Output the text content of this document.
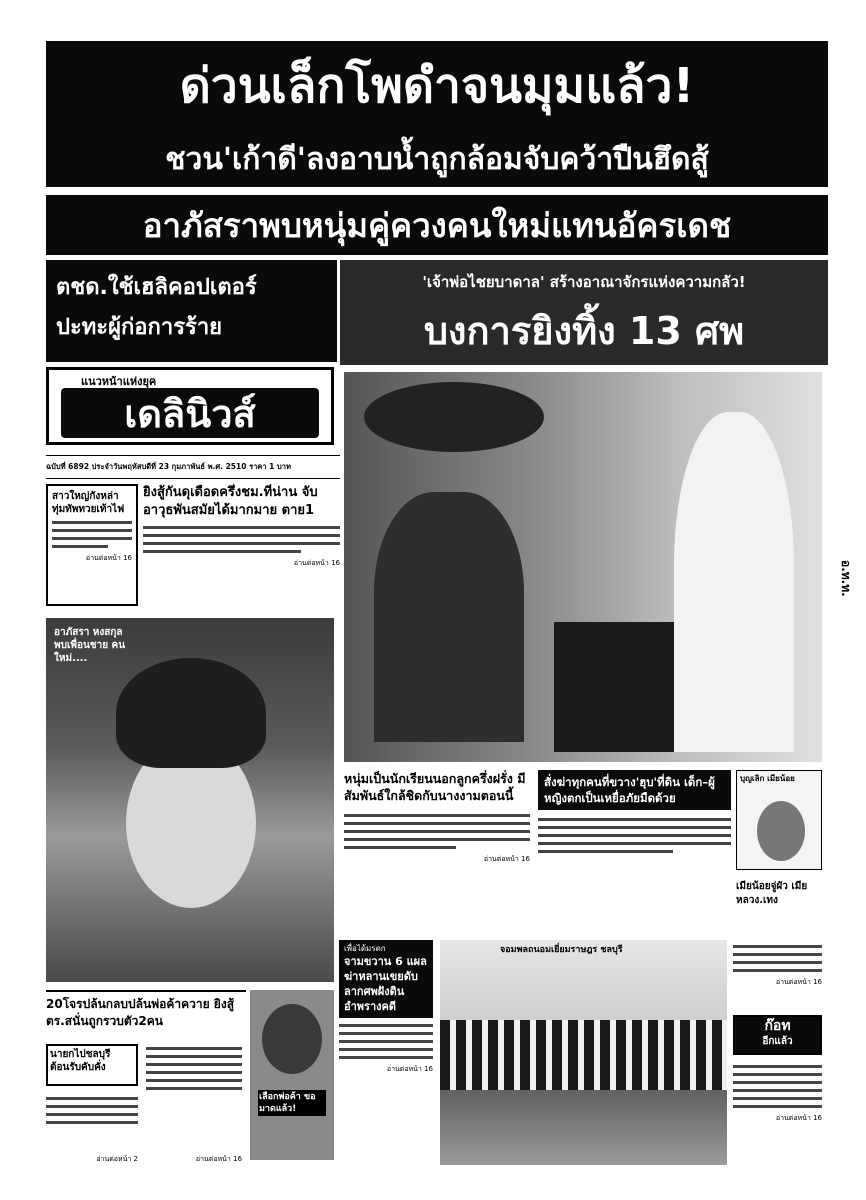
ด่วนเล็กโพดำจนมุมแล้ว!
ชวน'เก้าดี'ลงอาบน้ำถูกล้อมจับคว้าปืนฮึดสู้
อาภัสราพบหนุ่มคู่ควงคนใหม่แทนอัครเดช
ตชด.ใช้เฮลิคอปเตอร์
ปะทะผู้ก่อการร้าย
'เจ้าพ่อไชยบาดาล' สร้างอาณาจักรแห่งความกลัว!
บงการยิงทิ้ง 13 ศพ
แนวหน้าแห่งยุค
เดลินิวส์
ฉบับที่ 6892 ประจำวันพฤหัสบดีที่ 23 กุมภาพันธ์ พ.ศ. 2510 ราคา 1 บาท
สาวใหญ่กังหล่า ทุ่มทัพทวยเท้าไฟ
อ่านต่อหน้า 16
ยิงสู้กันดุเดือดครึ่งชม.ที่น่าน จับอาวุธพันสมัยได้มากมาย ตาย1
อ่านต่อหน้า 16
อาภัสรา หงสกุล พบเพื่อนชาย คนใหม่....
อ.ท.ท.
หนุ่มเป็นนักเรียนนอกลูกครึ่งฝรั่ง มีสัมพันธ์ใกล้ชิดกับนางงามตอนนี้
อ่านต่อหน้า 16
สั่งฆ่าทุกคนที่ขวาง'ฮุบ'ที่ดิน เด็ก–ผู้หญิงตกเป็นเหยื่อภัยมืดด้วย
บุญเลิก เมียน้อย
เมียน้อยจู่ผัว เมียหลวง.เทง
20โจรปล้นกลบปล้นพ่อค้าควาย ยิงสู้ตร.สนั่นถูกรวบตัว2คน
นายกไปชลบุรี ต้อนรับคับคั่ง
อ่านต่อหน้า 2	อ่านต่อหน้า 16
เลือกพ่อค้า ขอมาดแล้ว!
เพื่อได้มรดก
จามขวาน 6 แผล ฆ่าหลานเขยดับ ลากศพฝังดิน อำพรางคดี
อ่านต่อหน้า 16
จอมพลถนอมเยี่ยมราษฎร ชลบุรี
อ่านต่อหน้า 16
ก๊อท
อีกแล้ว
อ่านต่อหน้า 16
